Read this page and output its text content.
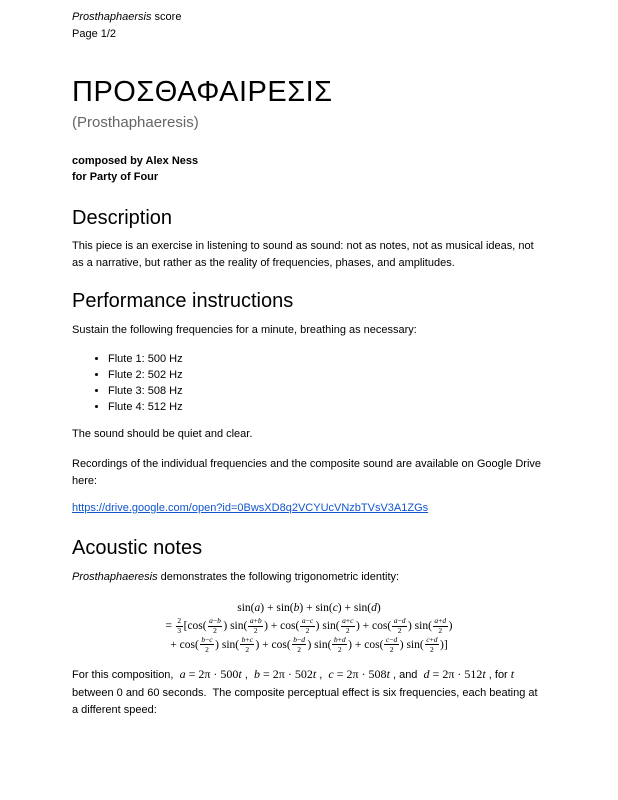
Prosthaphaersis score
Page 1/2
ΠΡΟΣΘΑΦΑΙΡΕΣΙΣ
(Prosthaphaeresis)
composed by Alex Ness
for Party of Four
Description

This piece is an exercise in listening to sound as sound: not as notes, not as musical ideas, not as a narrative, but rather as the reality of frequencies, phases, and amplitudes.

Performance instructions

Sustain the following frequencies for a minute, breathing as necessary:

• Flute 1: 500 Hz
• Flute 2: 502 Hz
• Flute 3: 508 Hz
• Flute 4: 512 Hz

The sound should be quiet and clear.

Recordings of the individual frequencies and the composite sound are available on Google Drive here:

https://drive.google.com/open?id=0BwsXD8q2VCYUcVNzbTVsV3A1ZGs

Acoustic notes

Prosthaphaeresis demonstrates the following trigonometric identity:

sin(a) + sin(b) + sin(c) + sin(d)
= $\frac{2}{3} [\cos( \frac{a-b}{2}$ ) $\sin( \frac{a+b}{2}$ ) + $\cos( \frac{a-c}{2}$ ) $\sin( \frac{a+c}{2}$ ) + $\cos( \frac{a-d}{2}$ ) $\sin( \frac{a+d}{2}$ )
+ $\cos( \frac{b-c}{2}$ ) $\sin( \frac{b+c}{2}$ ) + $\cos( \frac{b-d}{2}$ ) $\sin( \frac{b+d}{2}$ ) + $\cos( \frac{c-d}{2}$ ) $\sin( \frac{c+d}{2}$ )]

For this composition,  a = 2π · 500t ,  b = 2π · 502t ,  c = 2π · 508t , and  d = 2π · 512t , for t  between 0 and 60 seconds.  The composite perceptual effect is six frequencies, each beating at a different speed:
